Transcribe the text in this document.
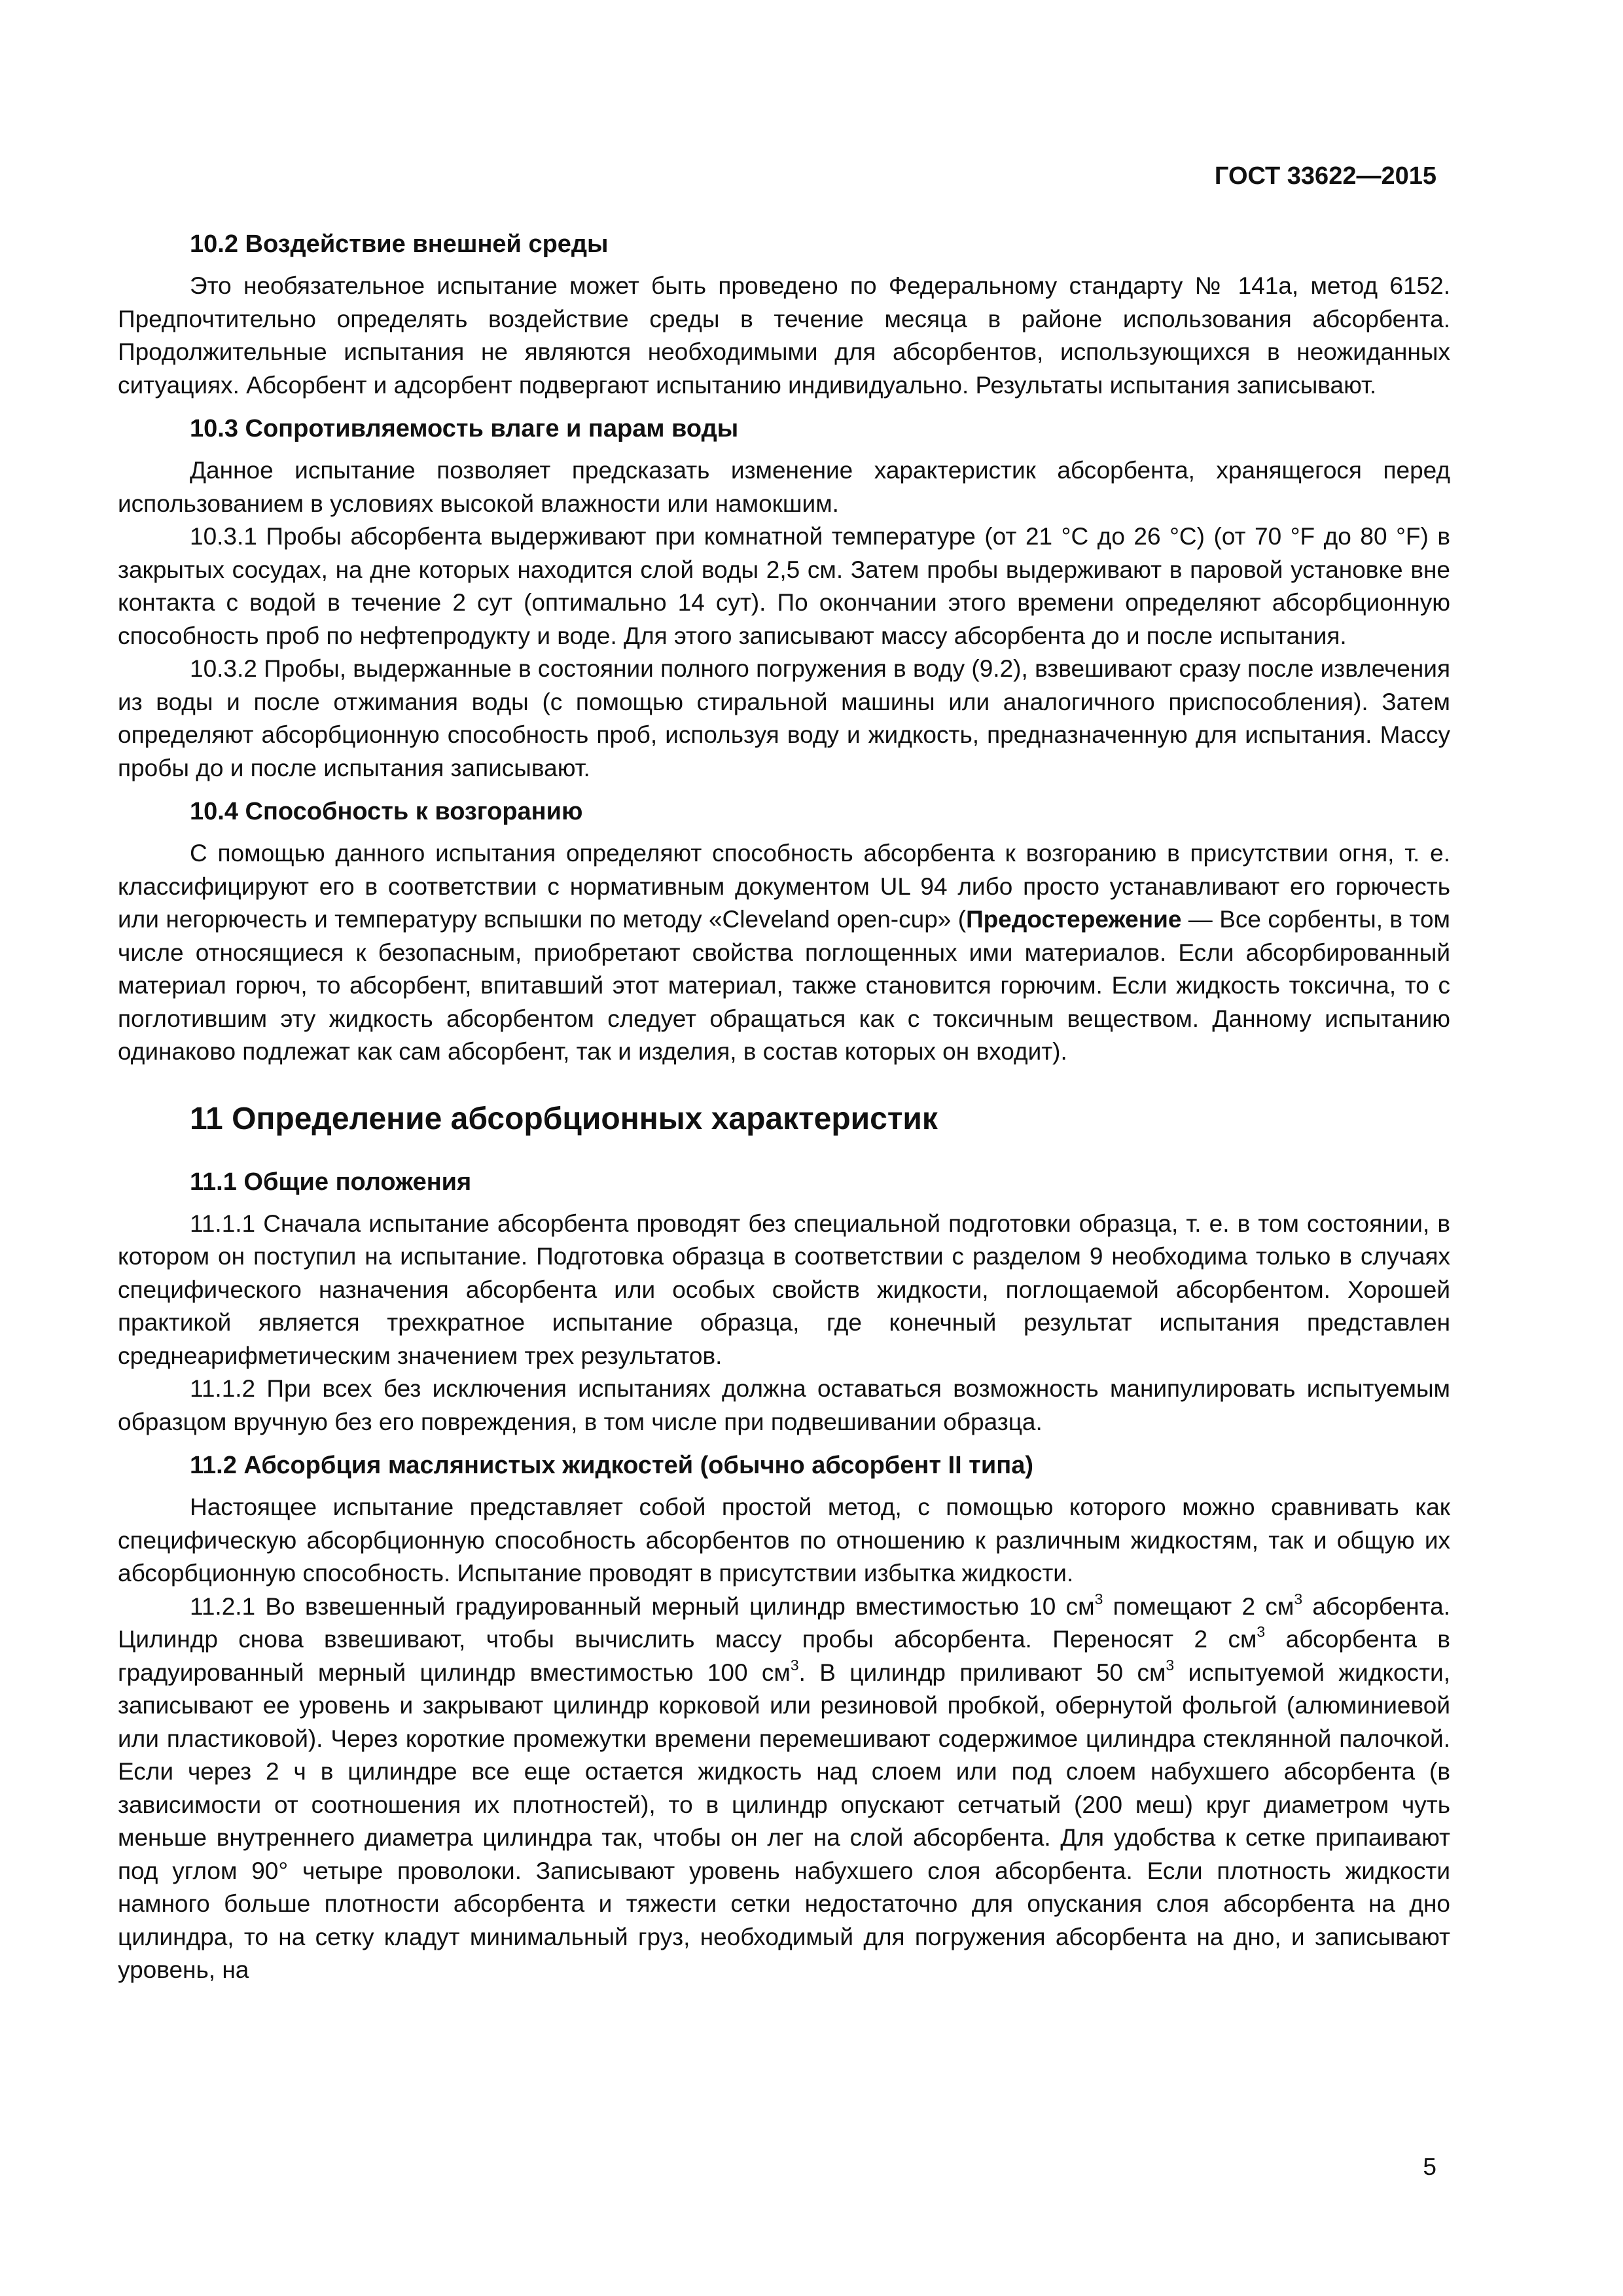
ГОСТ 33622—2015
10.2 Воздействие внешней среды

Это необязательное испытание может быть проведено по Федеральному стандарту № 141а, метод 6152. Предпочтительно определять воздействие среды в течение месяца в районе использования абсорбента. Продолжительные испытания не являются необходимыми для абсорбентов, использующихся в неожиданных ситуациях. Абсорбент и адсорбент подвергают испытанию индивидуально. Результаты испытания записывают.

10.3 Сопротивляемость влаге и парам воды

Данное испытание позволяет предсказать изменение характеристик абсорбента, хранящегося перед использованием в условиях высокой влажности или намокшим.

10.3.1 Пробы абсорбента выдерживают при комнатной температуре (от 21 °C до 26 °C) (от 70 °F до 80 °F) в закрытых сосудах, на дне которых находится слой воды 2,5 см. Затем пробы выдерживают в паровой установке вне контакта с водой в течение 2 сут (оптимально 14 сут). По окончании этого времени определяют абсорбционную способность проб по нефтепродукту и воде. Для этого записывают массу абсорбента до и после испытания.

10.3.2 Пробы, выдержанные в состоянии полного погружения в воду (9.2), взвешивают сразу после извлечения из воды и после отжимания воды (с помощью стиральной машины или аналогичного приспособления). Затем определяют абсорбционную способность проб, используя воду и жидкость, предназначенную для испытания. Массу пробы до и после испытания записывают.

10.4 Способность к возгоранию

С помощью данного испытания определяют способность абсорбента к возгоранию в присутствии огня, т. е. классифицируют его в соответствии с нормативным документом UL 94 либо просто устанавливают его горючесть или негорючесть и температуру вспышки по методу «Cleveland open-cup» (Предостережение — Все сорбенты, в том числе относящиеся к безопасным, приобретают свойства поглощенных ими материалов. Если абсорбированный материал горюч, то абсорбент, впитавший этот материал, также становится горючим. Если жидкость токсична, то с поглотившим эту жидкость абсорбентом следует обращаться как с токсичным веществом. Данному испытанию одинаково подлежат как сам абсорбент, так и изделия, в состав которых он входит).

11 Определение абсорбционных характеристик
11.1 Общие положения

11.1.1 Сначала испытание абсорбента проводят без специальной подготовки образца, т. е. в том состоянии, в котором он поступил на испытание. Подготовка образца в соответствии с разделом 9 необходима только в случаях специфического назначения абсорбента или особых свойств жидкости, поглощаемой абсорбентом. Хорошей практикой является трехкратное испытание образца, где конечный результат испытания представлен среднеарифметическим значением трех результатов.

11.1.2 При всех без исключения испытаниях должна оставаться возможность манипулировать испытуемым образцом вручную без его повреждения, в том числе при подвешивании образца.

11.2 Абсорбция маслянистых жидкостей (обычно абсорбент II типа)

Настоящее испытание представляет собой простой метод, с помощью которого можно сравнивать как специфическую абсорбционную способность абсорбентов по отношению к различным жидкостям, так и общую их абсорбционную способность. Испытание проводят в присутствии избытка жидкости.

11.2.1 Во взвешенный градуированный мерный цилиндр вместимостью 10 $см^3$ помещают 2 $см^3$ абсорбента. Цилиндр снова взвешивают, чтобы вычислить массу пробы абсорбента. Переносят 2 $см^3$ абсорбента в градуированный мерный цилиндр вместимостью 100 $см^3$. В цилиндр приливают 50 $см^3$ испытуемой жидкости, записывают ее уровень и закрывают цилиндр корковой или резиновой пробкой, обернутой фольгой (алюминиевой или пластиковой). Через короткие промежутки времени перемешивают содержимое цилиндра стеклянной палочкой. Если через 2 ч в цилиндре все еще остается жидкость над слоем или под слоем набухшего абсорбента (в зависимости от соотношения их плотностей), то в цилиндр опускают сетчатый (200 меш) круг диаметром чуть меньше внутреннего диаметра цилиндра так, чтобы он лег на слой абсорбента. Для удобства к сетке припаивают под углом 90° четыре проволоки. Записывают уровень набухшего слоя абсорбента. Если плотность жидкости намного больше плотности абсорбента и тяжести сетки недостаточно для опускания слоя абсорбента на дно цилиндра, то на сетку кладут минимальный груз, необходимый для погружения абсорбента на дно, и записывают уровень, на

5
